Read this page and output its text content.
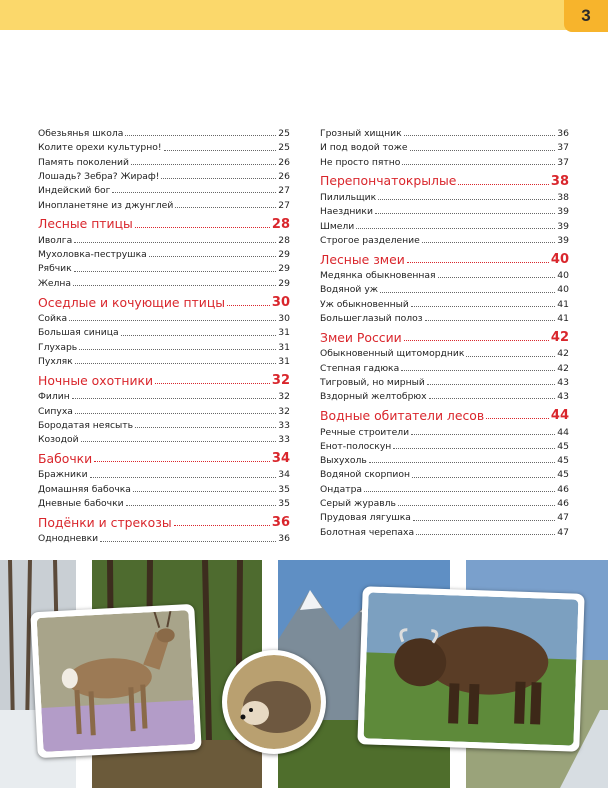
3
Обезьянья школа	25
Колите орехи культурно!	25
Память поколений	26
Лошадь? Зебра? Жираф!	26
Индейский бог	27
Инопланетяне из джунглей	27
Лесные птицы	28
Иволга	28
Мухоловка-пеструшка	29
Рябчик	29
Желна	29
Оседлые и кочующие птицы	30
Сойка	30
Большая синица	31
Глухарь	31
Пухляк	31
Ночные охотники	32
Филин	32
Сипуха	32
Бородатая неясыть	33
Козодой	33
Бабочки	34
Бражники	34
Домашняя бабочка	35
Дневные бабочки	35
Подёнки и стрекозы	36
Однодневки	36
Грозный хищник	36
И под водой тоже	37
Не просто пятно	37
Перепончатокрылые	38
Пилильщик	38
Наездники	39
Шмели	39
Строгое разделение	39
Лесные змеи	40
Медянка обыкновенная	40
Водяной уж	40
Уж обыкновенный	41
Большеглазый полоз	41
Змеи России	42
Обыкновенный щитомордник	42
Степная гадюка	42
Тигровый, но мирный	43
Вздорный желтобрюх	43
Водные обитатели лесов	44
Речные строители	44
Енот-полоскун	45
Выхухоль	45
Водяной скорпион	45
Ондатра	46
Серый журавль	46
Прудовая лягушка	47
Болотная черепаха	47
